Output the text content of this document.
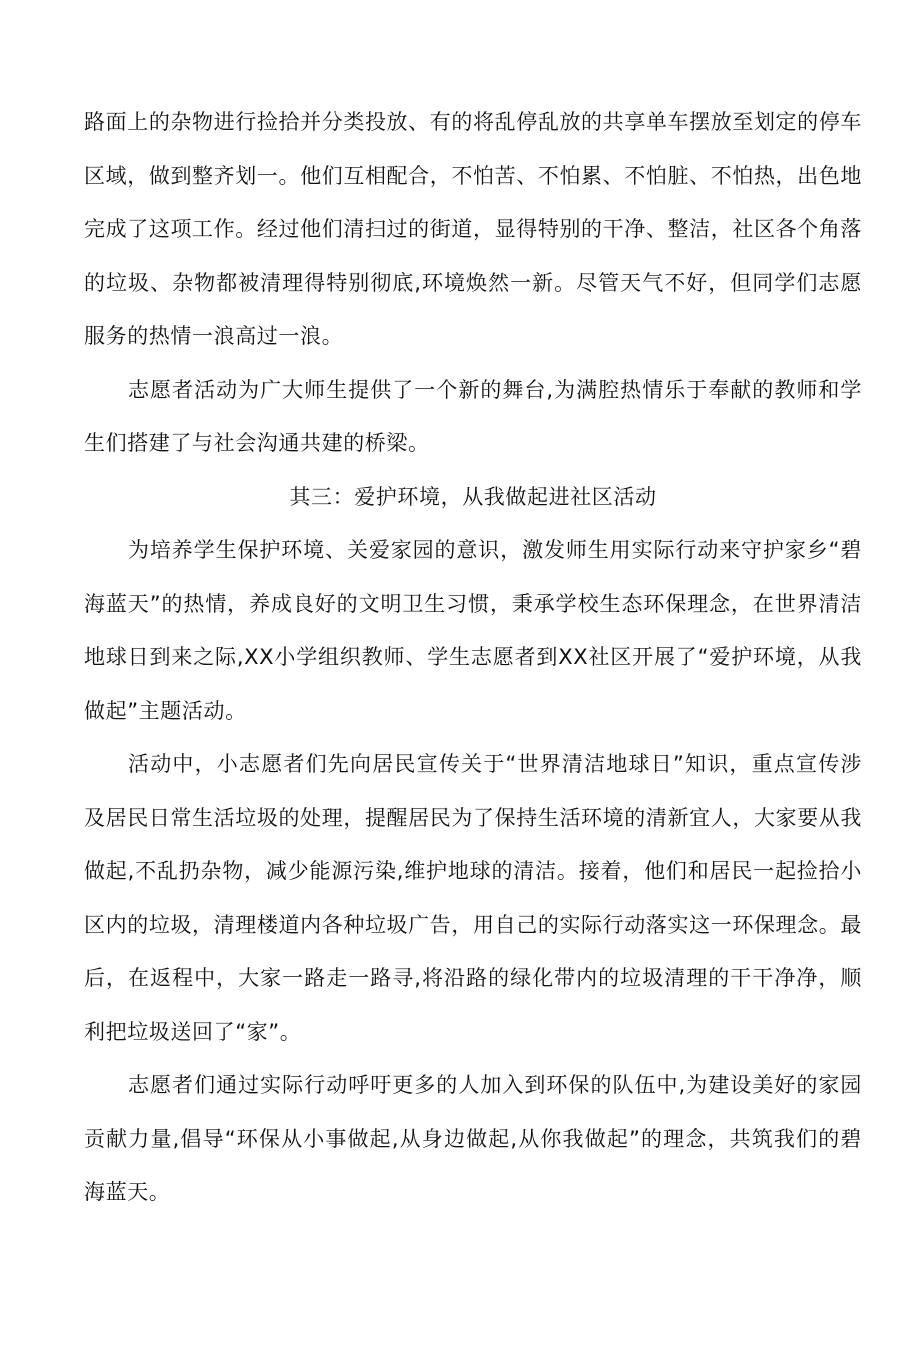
路面上的杂物进行捡拾并分类投放、有的将乱停乱放的共享单车摆放至划定的停车区域，做到整齐划一。他们互相配合，不怕苦、不怕累、不怕脏、不怕热，出色地完成了这项工作。经过他们清扫过的街道，显得特别的干净、整洁，社区各个角落的垃圾、杂物都被清理得特别彻底,环境焕然一新。尽管天气不好，但同学们志愿服务的热情一浪高过一浪。

志愿者活动为广大师生提供了一个新的舞台,为满腔热情乐于奉献的教师和学生们搭建了与社会沟通共建的桥梁。

其三：爱护环境，从我做起进社区活动

为培养学生保护环境、关爱家园的意识，激发师生用实际行动来守护家乡“碧海蓝天”的热情，养成良好的文明卫生习惯，秉承学校生态环保理念，在世界清洁地球日到来之际,XX小学组织教师、学生志愿者到XX社区开展了“爱护环境，从我做起”主题活动。

活动中，小志愿者们先向居民宣传关于“世界清洁地球日”知识，重点宣传涉及居民日常生活垃圾的处理，提醒居民为了保持生活环境的清新宜人，大家要从我做起,不乱扔杂物，减少能源污染,维护地球的清洁。接着，他们和居民一起捡拾小区内的垃圾，清理楼道内各种垃圾广告，用自己的实际行动落实这一环保理念。最后，在返程中，大家一路走一路寻,将沿路的绿化带内的垃圾清理的干干净净，顺利把垃圾送回了“家”。

志愿者们通过实际行动呼吁更多的人加入到环保的队伍中,为建设美好的家园贡献力量,倡导“环保从小事做起,从身边做起,从你我做起”的理念，共筑我们的碧海蓝天。
